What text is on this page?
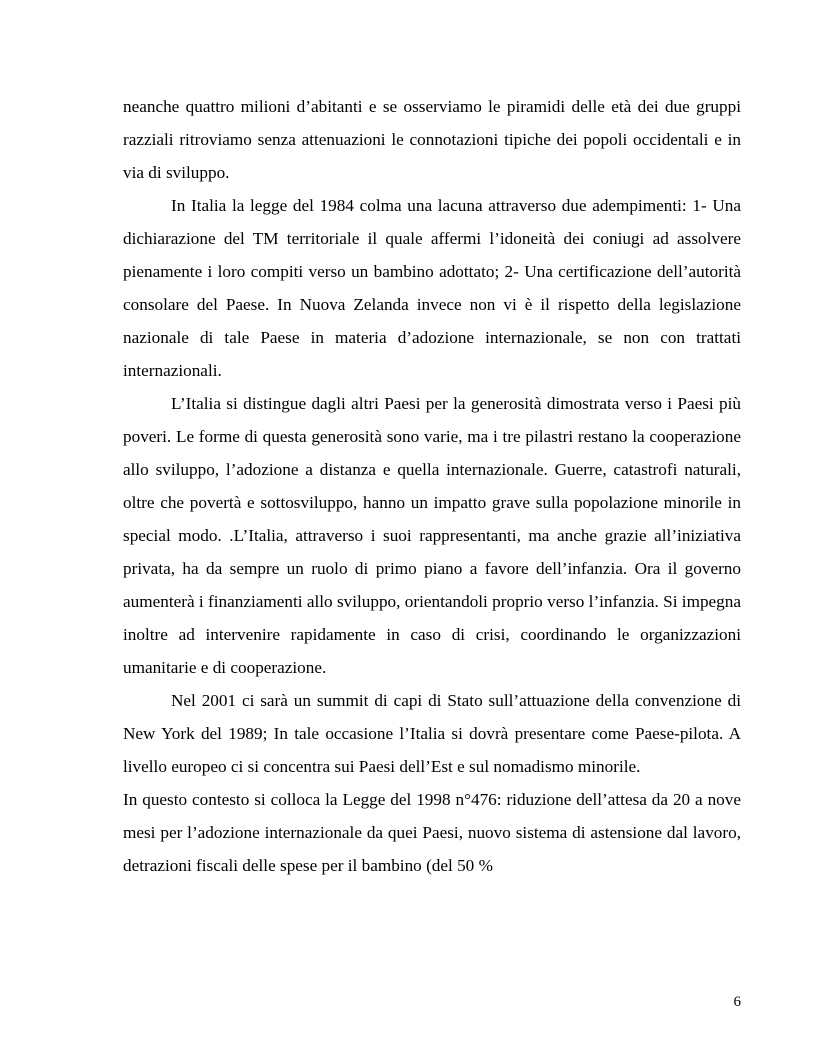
neanche quattro milioni d’abitanti e se osserviamo le piramidi delle età dei due gruppi razziali ritroviamo senza attenuazioni le connotazioni tipiche dei popoli occidentali e in via di sviluppo.

In Italia la legge del 1984 colma una lacuna attraverso due adempimenti: 1- Una dichiarazione del TM territoriale il quale affermi l’idoneità dei coniugi ad assolvere pienamente i loro compiti verso un bambino adottato; 2- Una certificazione dell’autorità consolare del Paese. In Nuova Zelanda invece non vi è il rispetto della legislazione nazionale di tale Paese in materia d’adozione internazionale, se non con trattati internazionali.

L’Italia si distingue dagli altri Paesi per la generosità dimostrata verso i Paesi più poveri. Le forme di questa generosità sono varie, ma i tre pilastri restano la cooperazione allo sviluppo, l’adozione a distanza e quella internazionale. Guerre, catastrofi naturali, oltre che povertà e sottosviluppo, hanno un impatto grave sulla popolazione minorile in special modo. .L’Italia, attraverso i suoi rappresentanti, ma anche grazie all’iniziativa privata, ha da sempre un ruolo di primo piano a favore dell’infanzia. Ora il governo aumenterà i finanziamenti allo sviluppo, orientandoli proprio verso l’infanzia. Si impegna inoltre ad intervenire rapidamente in caso di crisi, coordinando le organizzazioni umanitarie e di cooperazione.

Nel 2001 ci sarà un summit di capi di Stato sull’attuazione della convenzione di New York del 1989; In tale occasione l’Italia si dovrà presentare come Paese-pilota. A livello europeo ci si concentra sui Paesi dell’Est e sul nomadismo minorile.

In questo contesto si colloca la Legge del 1998 n°476: riduzione dell’attesa da 20 a nove mesi per l’adozione internazionale da quei Paesi, nuovo sistema di astensione dal lavoro, detrazioni fiscali delle spese per il bambino (del 50 %

6
